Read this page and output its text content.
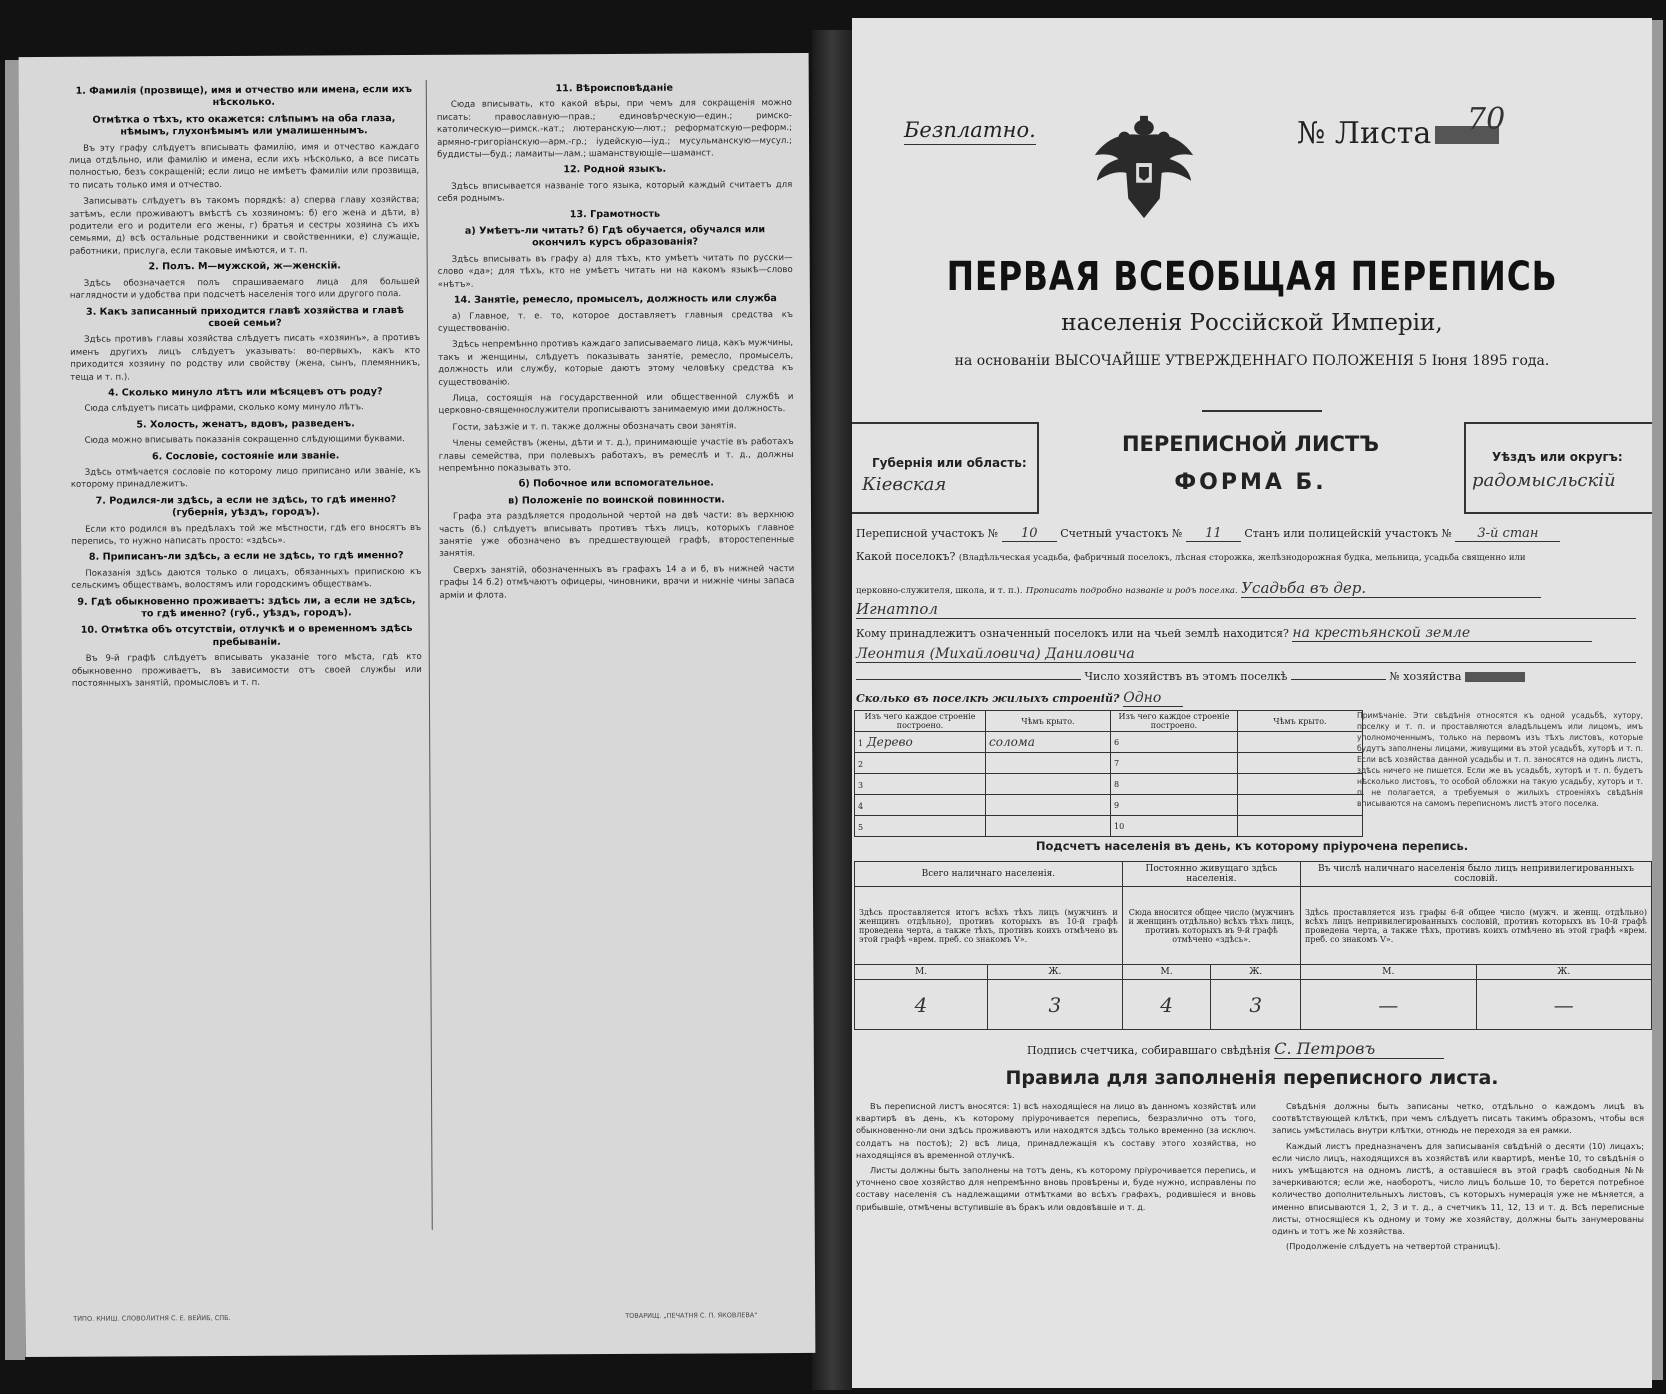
1. Фамилія (прозвище), имя и отчество или имена, если ихъ нѣсколько.
Отмѣтка о тѣхъ, кто окажется: слѣпымъ на оба глаза, нѣмымъ, глухонѣмымъ или умалишеннымъ.

Въ эту графу слѣдуетъ вписывать фамилію, имя и отчество каждаго лица отдѣльно, или фамилію и имена, если ихъ нѣсколько, а все писать полностью, безъ сокращеній; если лицо не имѣетъ фамиліи или прозвища, то писать только имя и отчество.

Записывать слѣдуетъ въ такомъ порядкѣ: а) сперва главу хозяйства; затѣмъ, если проживаютъ вмѣстѣ съ хозяиномъ: б) его жена и дѣти, в) родители его и родители его жены, г) братья и сестры хозяина съ ихъ семьями, д) всѣ остальные родственники и свойственники, е) служащіе, работники, прислуга, если таковые имѣются, и т. п.

2. Полъ. М—мужской, ж—женскій.

Здѣсь обозначается полъ спрашиваемаго лица для большей наглядности и удобства при подсчетѣ населенія того или другого пола.

3. Какъ записанный приходится главѣ хозяйства и главѣ своей семьи?

Здѣсь противъ главы хозяйства слѣдуетъ писать «хозяинъ», а противъ именъ другихъ лицъ слѣдуетъ указывать: во-первыхъ, какъ кто приходится хозяину по родству или свойству (жена, сынъ, племянникъ, теща и т. п.).

4. Сколько минуло лѣтъ или мѣсяцевъ отъ роду?

Сюда слѣдуетъ писать цифрами, сколько кому минуло лѣтъ.

5. Холость, женатъ, вдовъ, разведенъ.

Сюда можно вписывать показанія сокращенно слѣдующими буквами.

6. Сословіе, состояніе или званіе.

Здѣсь отмѣчается сословіе по которому лицо приписано или званіе, къ которому принадлежитъ.

7. Родился-ли здѣсь, а если не здѣсь, то гдѣ именно? (губернія, уѣздъ, городъ).

Если кто родился въ предѣлахъ той же мѣстности, гдѣ его вносятъ въ перепись, то нужно написать просто: «здѣсь».

8. Приписанъ-ли здѣсь, а если не здѣсь, то гдѣ именно?

Показанія здѣсь даются только о лицахъ, обязанныхъ припискою къ сельскимъ обществамъ, волостямъ или городскимъ обществамъ.

9. Гдѣ обыкновенно проживаетъ: здѣсь ли, а если не здѣсь, то гдѣ именно? (губ., уѣздъ, городъ).
10. Отмѣтка объ отсутствіи, отлучкѣ и о временномъ здѣсь пребываніи.

Въ 9-й графѣ слѣдуетъ вписывать указаніе того мѣста, гдѣ кто обыкновенно проживаетъ, въ зависимости отъ своей службы или постоянныхъ занятій, промысловъ и т. п.

11. Вѣроисповѣданіе

Сюда вписывать, кто какой вѣры, при чемъ для сокращенія можно писать: православную—прав.; единовѣрческую—един.; римско-католическую—римск.-кат.; лютеранскую—лют.; реформатскую—реформ.; армяно-григоріанскую—арм.-гр.; іудейскую—іуд.; мусульманскую—мусул.; буддисты—буд.; ламаиты—лам.; шаманствующіе—шаманст.

12. Родной языкъ.

Здѣсь вписывается названіе того языка, который каждый считаетъ для себя роднымъ.

13. Грамотность
а) Умѣетъ-ли читать? б) Гдѣ обучается, обучался или окончилъ курсъ образованія?

Здѣсь вписывать въ графу а) для тѣхъ, кто умѣетъ читать по русски—слово «да»; для тѣхъ, кто не умѣетъ читать ни на какомъ языкѣ—слово «нѣтъ».

14. Занятіе, ремесло, промыселъ, должность или служба

а) Главное, т. е. то, которое доставляетъ главныя средства къ существованію.

Здѣсь непремѣнно противъ каждаго записываемаго лица, какъ мужчины, такъ и женщины, слѣдуетъ показывать занятіе, ремесло, промыселъ, должность или службу, которые даютъ этому человѣку средства къ существованію.

Лица, состоящія на государственной или общественной службѣ и церковно-священнослужители прописываютъ занимаемую ими должность.

Гости, заѣзжіе и т. п. также должны обозначать свои занятія.

Члены семействъ (жены, дѣти и т. д.), принимающіе участіе въ работахъ главы семейства, при полевыхъ работахъ, въ ремеслѣ и т. д., должны непремѣнно показывать это.

б) Побочное или вспомогательное.
в) Положеніе по воинской повинности.

Графа эта раздѣляется продольной чертой на двѣ части: въ верхнюю часть (б.) слѣдуетъ вписывать противъ тѣхъ лицъ, которыхъ главное занятіе уже обозначено въ предшествующей графѣ, второстепенные занятія.

Сверхъ занятій, обозначенныхъ въ графахъ 14 а и б, въ нижней части графы 14 б.2) отмѣчаютъ офицеры, чиновники, врачи и нижніе чины запаса арміи и флота.

ТИПО. КНИШ. СЛОВОЛИТНЯ С. Е. ВЕЙИБ, СПБ.	ТОВАРИЩ. „ПЕЧАТНЯ С. П. ЯКОВЛЕВА“
Безплатно.	№ Листа	70
ПЕРВАЯ ВСЕОБЩАЯ ПЕРЕПИСЬ
населенія Россійской Имперіи,
на основаніи ВЫСОЧАЙШЕ УТВЕРЖДЕННАГО ПОЛОЖЕНІЯ 5 Іюня 1895 года.
Губернія или область:
Кіевская
Уѣздъ или округъ:
радомысльскій
ПЕРЕПИСНОЙ ЛИСТЪ
ФОРМА Б.
Переписной участокъ № 10 Счетный участокъ № 11 Станъ или полицейскій участокъ № 3-й стан
Какой поселокъ? (Владѣльческая усадьба, фабричный поселокъ, лѣсная сторожка, желѣзнодорожная будка, мельница, усадьба священно или
церковно-служителя, школа, и т. п.). Прописать подробно названіе и родъ поселка. Усадьба въ дер.
Игнатпол
Кому принадлежитъ означенный поселокъ или на чьей землѣ находится? на крестьянской земле
Леонтия (Михайловича) Даниловича
Число хозяйствъ въ этомъ поселкѣ	№ хозяйства
Сколько въ поселкѣ жилыхъ строеній? Одно
Изъ чего каждое строеніе построено.	Чѣмъ крыто.	Изъ чего каждое строеніе построено.	Чѣмъ крыто.
1 Дерево	солома	6	
2		7	
3		8	
4		9	
5		10	
Примѣчаніе. Эти свѣдѣнія относятся къ одной усадьбѣ, хутору, поселку и т. п. и проставляются владѣльцемъ или лицомъ, имъ уполномоченнымъ, только на первомъ изъ тѣхъ листовъ, которые будутъ заполнены лицами, живущими въ этой усадьбѣ, хуторѣ и т. п. Если всѣ хозяйства данной усадьбы и т. п. заносятся на одинъ листъ, здѣсь ничего не пишется. Если же въ усадьбѣ, хуторѣ и т. п. будетъ нѣсколько листовъ, то особой обложки на такую усадьбу, хуторъ и т. п. не полагается, а требуемыя о жилыхъ строеніяхъ свѣдѣнія вписываются на самомъ переписномъ листѣ этого поселка.
Подсчетъ населенія въ день, къ которому пріурочена перепись.
Всего наличнаго населенія.		Постоянно живущаго здѣсь населенія.		Въ числѣ наличнаго населенія было лицъ непривилегированныхъ сословій.	
Здѣсь проставляется итогъ всѣхъ тѣхъ лицъ (мужчинъ и женщинъ отдѣльно), противъ которыхъ въ 10-й графѣ проведена черта, а также тѣхъ, противъ коихъ отмѣчено въ этой графѣ «врем. преб. со знакомъ V».		Сюда вносится общее число (мужчинъ и женщинъ отдѣльно) всѣхъ тѣхъ лицъ, противъ которыхъ въ 9-й графѣ отмѣчено «здѣсь».		Здѣсь проставляется изъ графы 6-й общее число (мужч. и женщ. отдѣльно) всѣхъ лицъ непривилегированныхъ сословій, противъ которыхъ въ 10-й графѣ проведена черта, а также тѣхъ, противъ коихъ отмѣчено въ этой графѣ «врем. преб. со знакомъ V».	
М.	Ж.	М.	Ж.	М.	Ж.
4	3	4	3	—	—
Подпись счетчика, собиравшаго свѣдѣнія С. Петровъ
Правила для заполненія переписного листа.

Въ переписной листъ вносятся: 1) всѣ находящіеся на лицо въ данномъ хозяйствѣ или квартирѣ въ день, къ которому пріурочивается перепись, безразлично отъ того, обыкновенно-ли они здѣсь проживаютъ или находятся здѣсь только временно (за исключ. солдатъ на постоѣ); 2) всѣ лица, принадлежащія къ составу этого хозяйства, но находящіяся въ временной отлучкѣ.

Листы должны быть заполнены на тотъ день, къ которому пріурочивается перепись, и уточнено свое хозяйство для непремѣнно вновь провѣрены и, буде нужно, исправлены по составу населенія съ надлежащими отмѣтками во всѣхъ графахъ, родившіеся и вновь прибывшіе, отмѣчены вступившіе въ бракъ или овдовѣвшіе и т. д.

Свѣдѣнія должны быть записаны четко, отдѣльно о каждомъ лицѣ въ соотвѣтствующей клѣткѣ, при чемъ слѣдуетъ писать такимъ образомъ, чтобы вся запись умѣстилась внутри клѣтки, отнюдь не переходя за ея рамки.

Каждый листъ предназначенъ для записыванія свѣдѣній о десяти (10) лицахъ; если число лицъ, находящихся въ хозяйствѣ или квартирѣ, менѣе 10, то свѣдѣнія о нихъ умѣщаются на одномъ листѣ, а оставшіеся въ этой графѣ свободныя №№ зачеркиваются; если же, наоборотъ, число лицъ больше 10, то берется потребное количество дополнительныхъ листовъ, съ которыхъ нумерація уже не мѣняется, а именно вписываются 1, 2, 3 и т. д., а счетчикъ 11, 12, 13 и т. д. Всѣ переписные листы, относящіеся къ одному и тому же хозяйству, должны быть занумерованы одинъ и тотъ же № хозяйства.

(Продолженіе слѣдуетъ на четвертой страницѣ).
